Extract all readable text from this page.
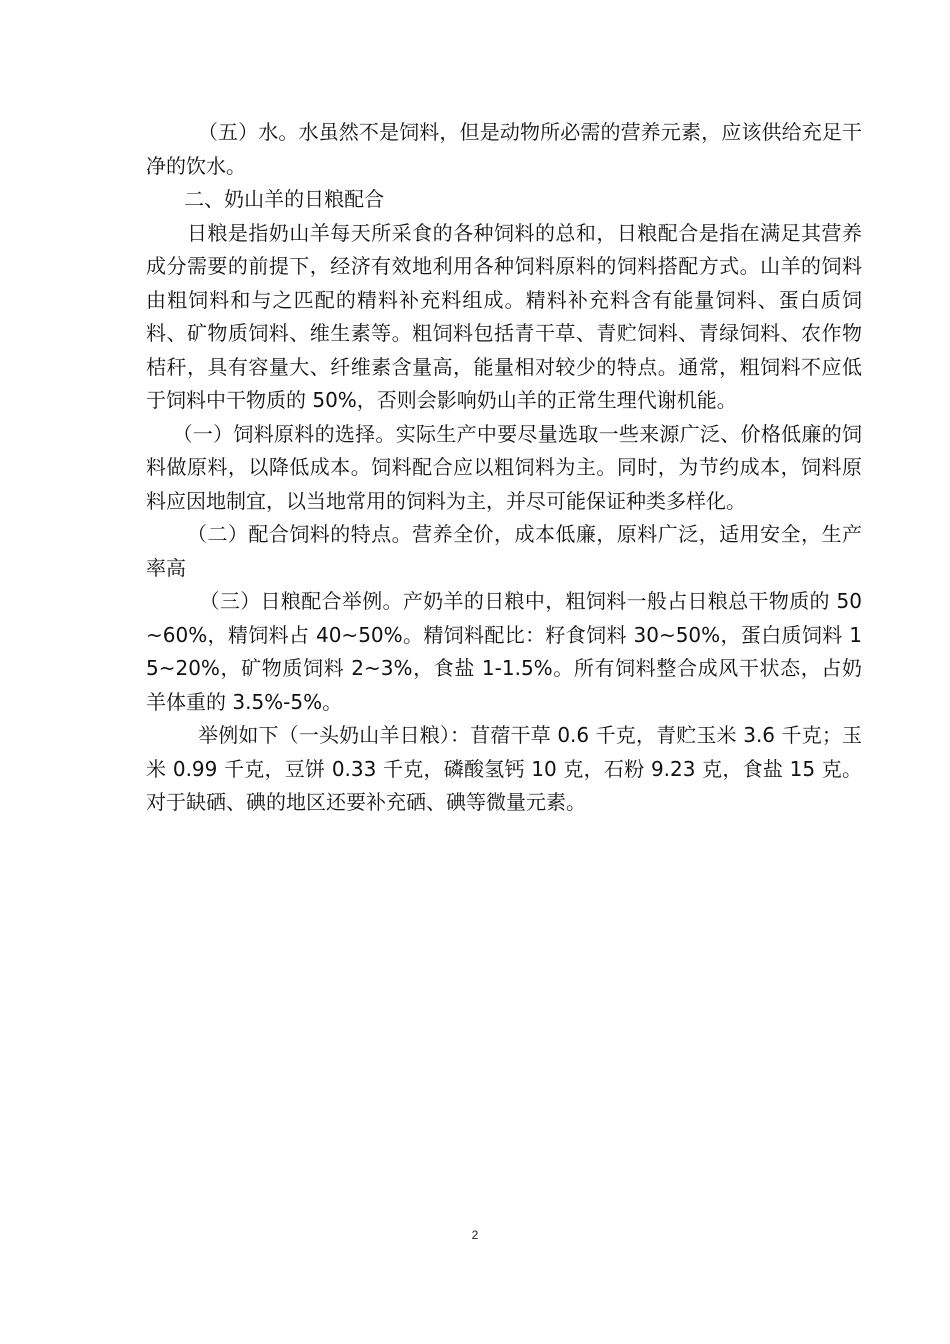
（五）水。水虽然不是饲料，但是动物所必需的营养元素，应该供给充足干净的饮水。

二、奶山羊的日粮配合

日粮是指奶山羊每天所采食的各种饲料的总和，日粮配合是指在满足其营养成分需要的前提下，经济有效地利用各种饲料原料的饲料搭配方式。山羊的饲料由粗饲料和与之匹配的精料补充料组成。精料补充料含有能量饲料、蛋白质饲料、矿物质饲料、维生素等。粗饲料包括青干草、青贮饲料、青绿饲料、农作物桔秆，具有容量大、纤维素含量高，能量相对较少的特点。通常，粗饲料不应低于饲料中干物质的 50%，否则会影响奶山羊的正常生理代谢机能。

（一）饲料原料的选择。实际生产中要尽量选取一些来源广泛、价格低廉的饲料做原料，以降低成本。饲料配合应以粗饲料为主。同时，为节约成本，饲料原料应因地制宜，以当地常用的饲料为主，并尽可能保证种类多样化。

（二）配合饲料的特点。营养全价，成本低廉，原料广泛，适用安全，生产率高

（三）日粮配合举例。产奶羊的日粮中，粗饲料一般占日粮总干物质的 50~60%，精饲料占 40~50%。精饲料配比：籽食饲料 30~50%，蛋白质饲料 15~20%，矿物质饲料 2~3%，食盐 1-1.5%。所有饲料整合成风干状态，占奶羊体重的 3.5%-5%。

举例如下（一头奶山羊日粮）：苜蓿干草 0.6 千克，青贮玉米 3.6 千克；玉米 0.99 千克，豆饼 0.33 千克，磷酸氢钙 10 克，石粉 9.23 克，食盐 15 克。对于缺硒、碘的地区还要补充硒、碘等微量元素。

2
